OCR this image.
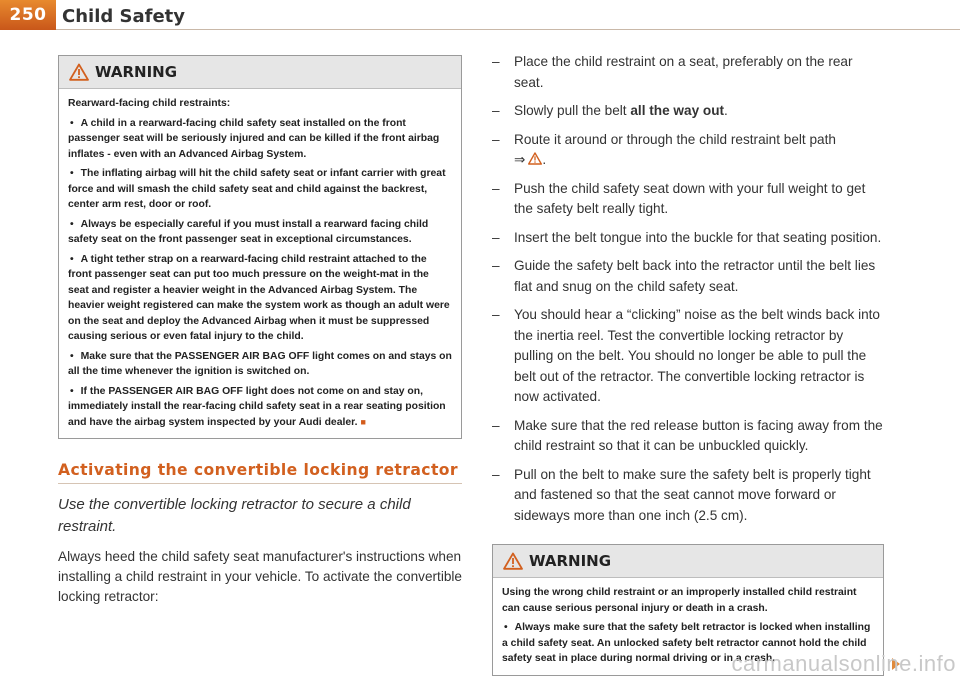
250 Child Safety
WARNING

Rearward-facing child restraints:

• A child in a rearward-facing child safety seat installed on the front passenger seat will be seriously injured and can be killed if the front airbag inflates - even with an Advanced Airbag System.

• The inflating airbag will hit the child safety seat or infant carrier with great force and will smash the child safety seat and child against the backrest, center arm rest, door or roof.

• Always be especially careful if you must install a rearward facing child safety seat on the front passenger seat in exceptional circumstances.

• A tight tether strap on a rearward-facing child restraint attached to the front passenger seat can put too much pressure on the weight-mat in the seat and register a heavier weight in the Advanced Airbag System. The heavier weight registered can make the system work as though an adult were on the seat and deploy the Advanced Airbag when it must be suppressed causing serious or even fatal injury to the child.

• Make sure that the PASSENGER AIR BAG OFF light comes on and stays on all the time whenever the ignition is switched on.

• If the PASSENGER AIR BAG OFF light does not come on and stay on, immediately install the rear-facing child safety seat in a rear seating position and have the airbag system inspected by your Audi dealer. ■

Activating the convertible locking retractor

Use the convertible locking retractor to secure a child restraint.

Always heed the child safety seat manufacturer's instructions when installing a child restraint in your vehicle. To activate the convertible locking retractor:

– Place the child restraint on a seat, preferably on the rear seat.
– Slowly pull the belt all the way out.
– Route it around or through the child restraint belt path
⇒ .
– Push the child safety seat down with your full weight to get the safety belt really tight.
– Insert the belt tongue into the buckle for that seating position.
– Guide the safety belt back into the retractor until the belt lies flat and snug on the child safety seat.
– You should hear a “clicking” noise as the belt winds back into the inertia reel. Test the convertible locking retractor by pulling on the belt. You should no longer be able to pull the belt out of the retractor. The convertible locking retractor is now activated.
– Make sure that the red release button is facing away from the child restraint so that it can be unbuckled quickly.
– Pull on the belt to make sure the safety belt is properly tight and fastened so that the seat cannot move forward or sideways more than one inch (2.5 cm).
WARNING

Using the wrong child restraint or an improperly installed child restraint can cause serious personal injury or death in a crash.

• Always make sure that the safety belt retractor is locked when installing a child safety seat. An unlocked safety belt retractor cannot hold the child safety seat in place during normal driving or in a crash.

carmanualsonline.info
